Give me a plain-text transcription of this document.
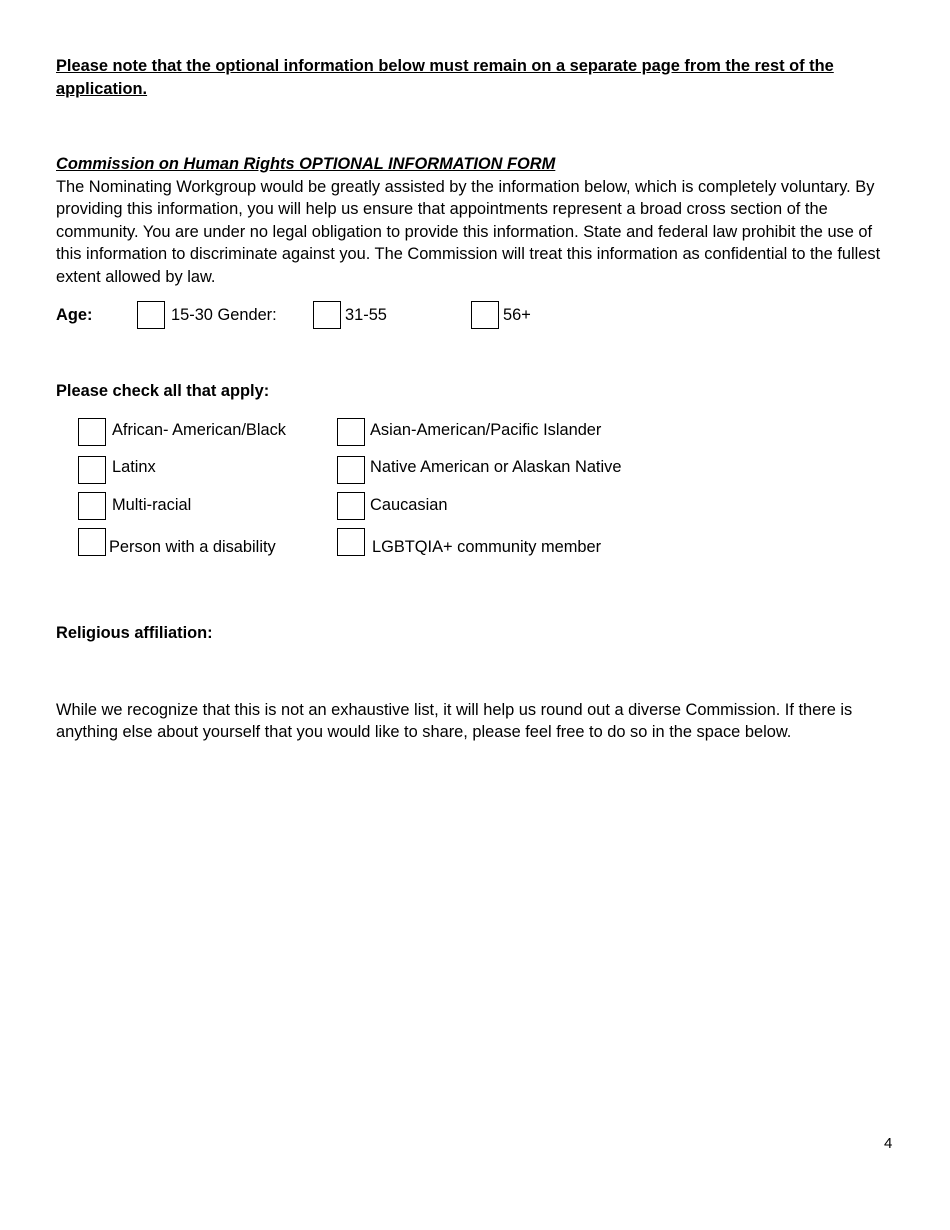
Please note that the optional information below must remain on a separate page from the rest of the application.
Commission on Human Rights OPTIONAL INFORMATION FORM
The Nominating Workgroup would be greatly assisted by the information below, which is completely voluntary. By providing this information, you will help us ensure that appointments represent a broad cross section of the community. You are under no legal obligation to provide this information. State and federal law prohibit the use of this information to discriminate against you. The Commission will treat this information as confidential to the fullest extent allowed by law.
Age:	15-30 Gender:	31-55	56+
Please check all that apply:
African- American/Black	Asian-American/Pacific Islander
Latinx	Native American or Alaskan Native
Multi-racial	Caucasian
Person with a disability	LGBTQIA+ community member
Religious affiliation:
While we recognize that this is not an exhaustive list, it will help us round out a diverse Commission. If there is anything else about yourself that you would like to share, please feel free to do so in the space below.
4
